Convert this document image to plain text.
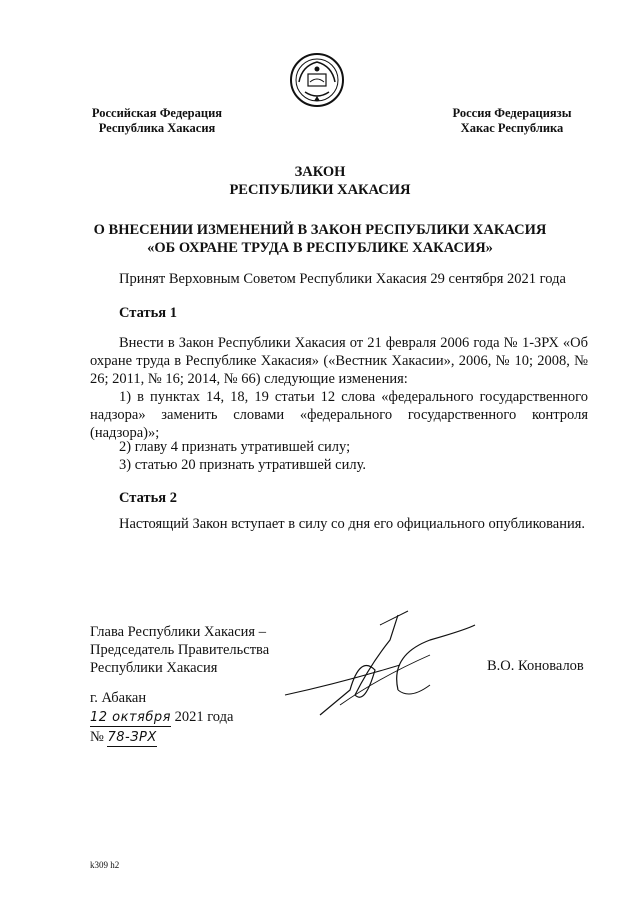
Российская Федерация
Республика Хакасия
Россия Федерациязы
Хакас Республика
ЗАКОН
РЕСПУБЛИКИ ХАКАСИЯ
О ВНЕСЕНИИ ИЗМЕНЕНИЙ В ЗАКОН РЕСПУБЛИКИ ХАКАСИЯ
«ОБ ОХРАНЕ ТРУДА В РЕСПУБЛИКЕ ХАКАСИЯ»
Принят Верховным Советом Республики Хакасия 29 сентября 2021 года
Статья 1
Внести в Закон Республики Хакасия от 21 февраля 2006 года № 1-ЗРХ «Об охране труда в Республике Хакасия» («Вестник Хакасии», 2006, № 10; 2008, № 26; 2011, № 16; 2014, № 66) следующие изменения:
1) в пунктах 14, 18, 19 статьи 12 слова «федерального государственного надзора» заменить словами «федерального государственного контроля (надзора)»;
2) главу 4 признать утратившей силу;
3) статью 20 признать утратившей силу.
Статья 2
Настоящий Закон вступает в силу со дня его официального опубликования.
Глава Республики Хакасия –
Председатель Правительства
Республики Хакасия	В.О. Коновалов
г. Абакан
12 октября 2021 года
№ 78-ЗРХ
k309 h2
